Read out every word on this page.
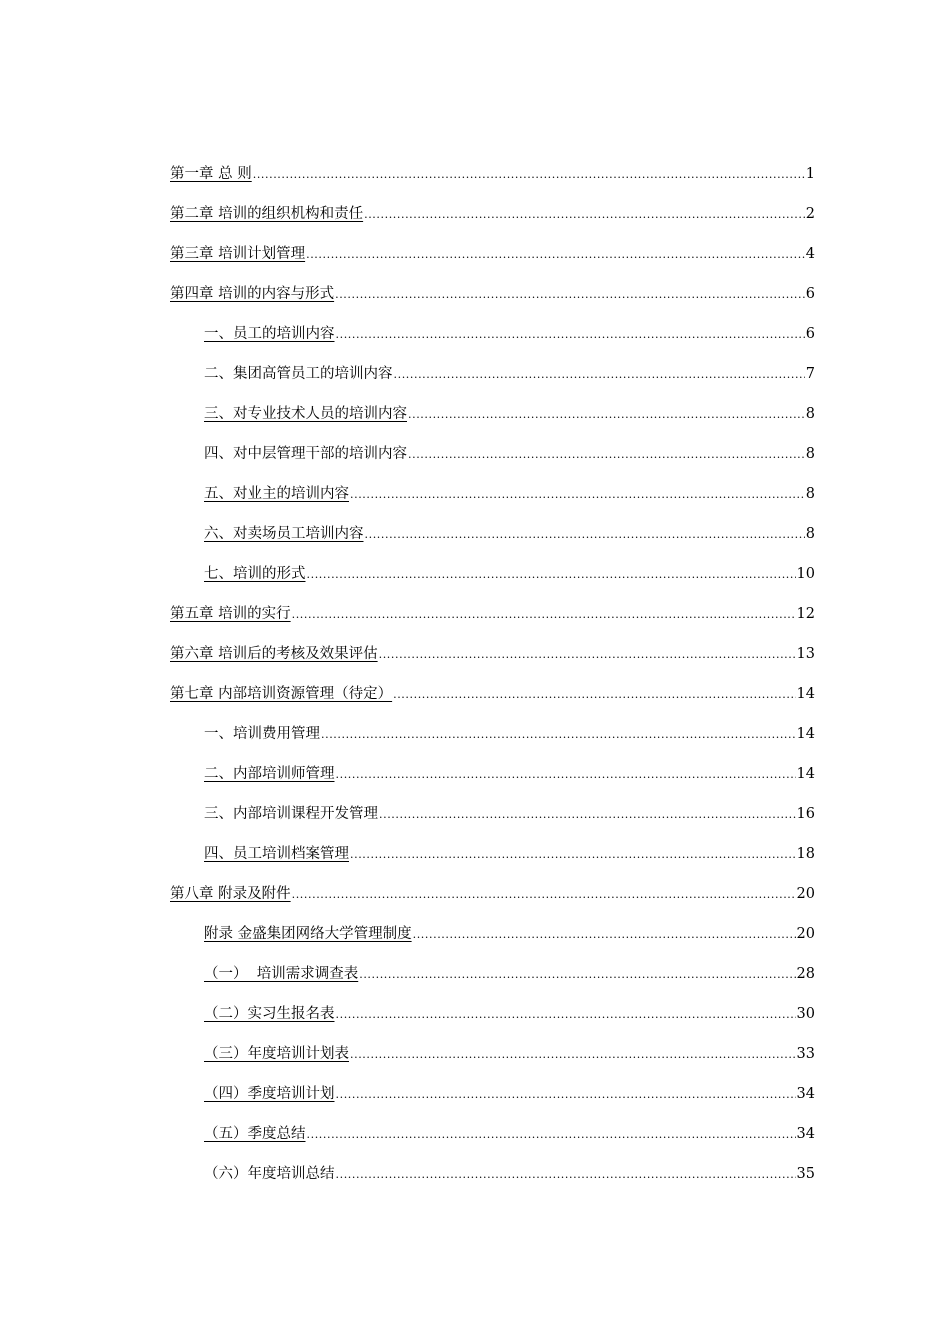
第一章 总 则 .....	1
第二章 培训的组织机构和责任 .....	2
第三章 培训计划管理 .....	4
第四章 培训的内容与形式 .....	6
一、员工的培训内容 .....	6
二、集团高管员工的培训内容 .....	7
三、对专业技术人员的培训内容 .....	8
四、对中层管理干部的培训内容 .....	8
五、对业主的培训内容 .....	8
六、对卖场员工培训内容 .....	8
七、培训的形式 .....	10
第五章 培训的实行 .....	12
第六章 培训后的考核及效果评估 .....	13
第七章 内部培训资源管理（待定） .....	14
一、培训费用管理 .....	14
二、内部培训师管理 .....	14
三、内部培训课程开发管理 .....	16
四、员工培训档案管理 .....	18
第八章 附录及附件 .....	20
附录 金盛集团网络大学管理制度 .....	20
（一）  培训需求调查表 .....	28
（二）实习生报名表 .....	30
（三）年度培训计划表 .....	33
（四）季度培训计划 .....	34
（五）季度总结 .....	34
（六）年度培训总结 .....	35
